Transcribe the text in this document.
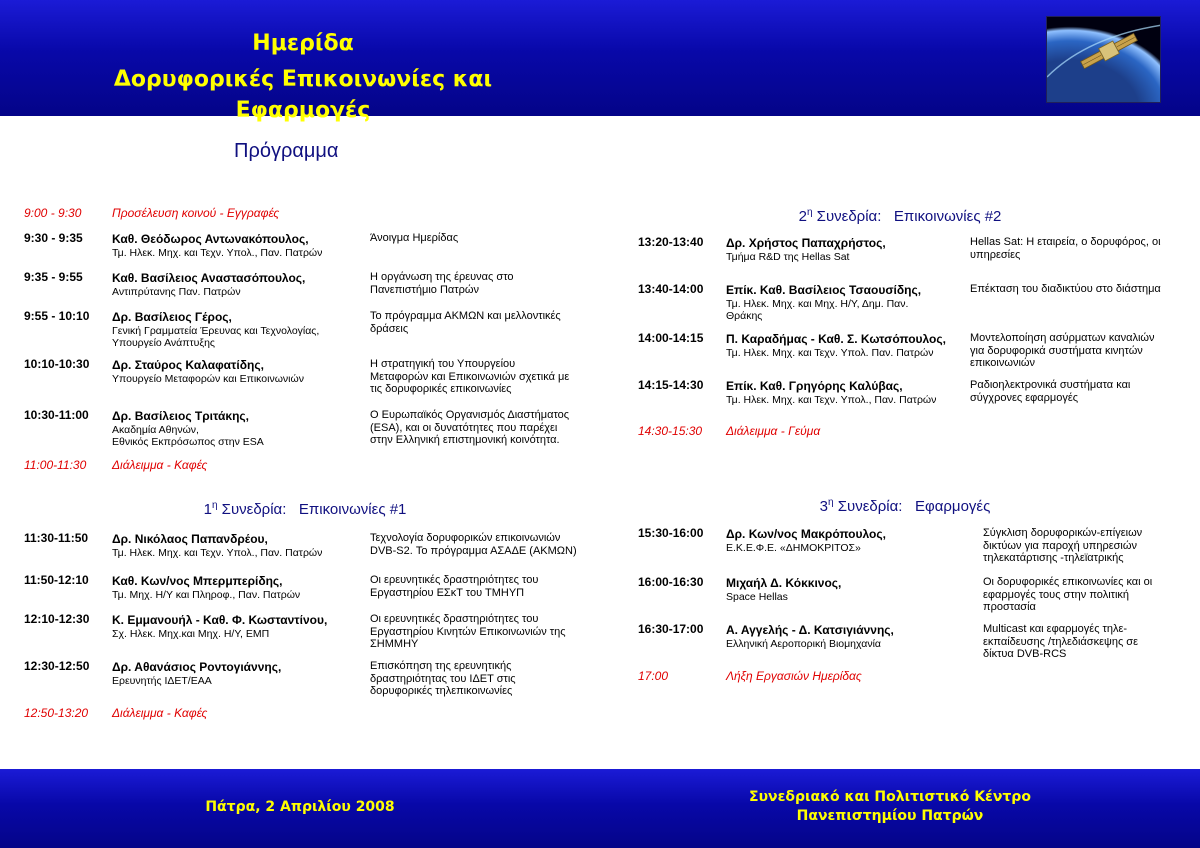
Ημερίδα
Δορυφορικές Επικοινωνίες και Εφαρμογές
Πρόγραμμα
9:00 - 9:30	Προσέλευση κοινού - Εγγραφές
9:30 - 9:35 Καθ. Θεόδωρος Αντωνακόπουλος,
Τμ. Ηλεκ. Μηχ. και Τεχν. Υπολ., Παν. Πατρών
Άνοιγμα Ημερίδας
9:35 - 9:55 Καθ. Βασίλειος Αναστασόπουλος,
Αντιπρύτανης Παν. Πατρών
Η οργάνωση της έρευνας στο
Πανεπιστήμιο Πατρών
9:55 - 10:10 Δρ. Βασίλειος Γέρος,
Γενική Γραμματεία Έρευνας και Τεχνολογίας,
Υπουργείο Ανάπτυξης
Το πρόγραμμα ΑΚΜΩΝ και μελλοντικές
δράσεις
10:10-10:30 Δρ. Σταύρος Καλαφατίδης,
Υπουργείο Μεταφορών και Επικοινωνιών
Η στρατηγική του Υπουργείου
Μεταφορών και Επικοινωνιών σχετικά με
τις δορυφορικές επικοινωνίες
10:30-11:00 Δρ. Βασίλειος Τριτάκης,
Ακαδημία Αθηνών,
Εθνικός Εκπρόσωπος στην ESA
Ο Ευρωπαϊκός Οργανισμός Διαστήματος
(ESA), και οι δυνατότητες που παρέχει
στην Ελληνική επιστημονική κοινότητα.
11:00-11:30 Διάλειμμα - Καφές
$1^\eta$ Συνεδρία: Επικοινωνίες #1
11:30-11:50 Δρ. Νικόλαος Παπανδρέου,
Τμ. Ηλεκ. Μηχ. και Τεχν. Υπολ., Παν. Πατρών
Τεχνολογία δορυφορικών επικοινωνιών
DVB-S2. Το πρόγραμμα ΑΣΑΔΕ (ΑΚΜΩΝ)
11:50-12:10 Καθ. Κων/νος Μπερμπερίδης,
Τμ. Μηχ. Η/Υ και Πληροφ., Παν. Πατρών
Οι ερευνητικές δραστηριότητες του
Εργαστηρίου ΕΣκΤ του ΤΜΗΥΠ
12:10-12:30 Κ. Εμμανουήλ - Καθ. Φ. Κωσταντίνου,
Σχ. Ηλεκ. Μηχ.και Μηχ. Η/Υ, ΕΜΠ
Οι ερευνητικές δραστηριότητες του
Εργαστηρίου Κινητών Επικοινωνιών της
ΣΗΜΜΗΥ
12:30-12:50 Δρ. Αθανάσιος Ροντογιάννης,
Ερευνητής ΙΔΕΤ/ΕΑΑ
Επισκόπηση της ερευνητικής
δραστηριότητας του ΙΔΕΤ στις
δορυφορικές τηλεπικοινωνίες
12:50-13:20 Διάλειμμα - Καφές
$2^\eta$ Συνεδρία: Επικοινωνίες #2
13:20-13:40 Δρ. Χρήστος Παπαχρήστος,
Τμήμα R&D της Hellas Sat
Hellas Sat: Η εταιρεία, ο δορυφόρος, οι
υπηρεσίες
13:40-14:00 Επίκ. Καθ. Βασίλειος Τσαουσίδης,
Τμ. Ηλεκ. Μηχ. και Μηχ. Η/Υ, Δημ. Παν.
Θράκης
Επέκταση του διαδικτύου στο διάστημα
14:00-14:15 Π. Καραδήμας - Καθ. Σ. Κωτσόπουλος,
Τμ. Ηλεκ. Μηχ. και Τεχν. Υπολ. Παν. Πατρών
Μοντελοποίηση ασύρματων καναλιών
για δορυφορικά συστήματα κινητών
επικοινωνιών
14:15-14:30 Επίκ. Καθ. Γρηγόρης Καλύβας,
Τμ. Ηλεκ. Μηχ. και Τεχν. Υπολ., Παν. Πατρών
Ραδιοηλεκτρονικά συστήματα και
σύγχρονες εφαρμογές
14:30-15:30 Διάλειμμα - Γεύμα
$3^\eta$ Συνεδρία: Εφαρμογές
15:30-16:00 Δρ. Κων/νος Μακρόπουλος,
Ε.Κ.Ε.Φ.Ε. «ΔΗΜΟΚΡΙΤΟΣ»
Σύγκλιση δορυφορικών-επίγειων
δικτύων για παροχή υπηρεσιών
τηλεκατάρτισης -τηλεϊατρικής
16:00-16:30 Μιχαήλ Δ. Κόκκινος,
Space Hellas
Οι δορυφορικές επικοινωνίες και οι
εφαρμογές τους στην πολιτική
προστασία
16:30-17:00 Α. Αγγελής - Δ. Κατσιγιάννης,
Ελληνική Αεροπορική Βιομηχανία
Multicast και εφαρμογές τηλε-
εκπαίδευσης /τηλεδιάσκεψης σε
δίκτυα DVB-RCS
17:00	Λήξη Εργασιών Ημερίδας
Πάτρα, 2 Απριλίου 2008
Συνεδριακό και Πολιτιστικό Κέντρο
Πανεπιστημίου Πατρών
